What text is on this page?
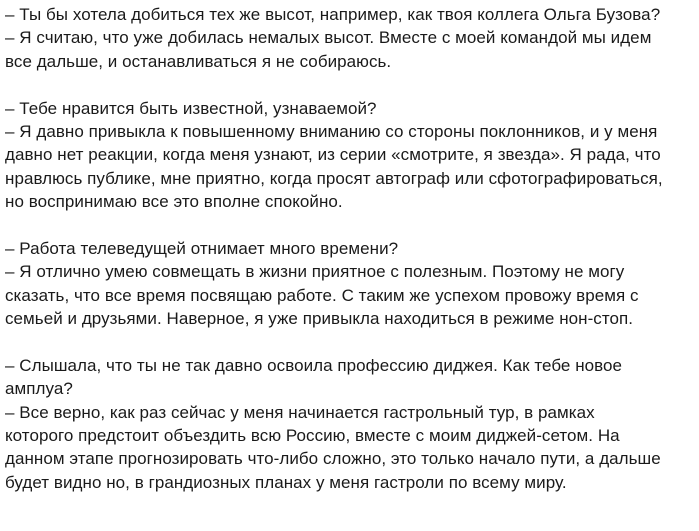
– Ты бы хотела добиться тех же высот, например, как твоя коллега Ольга Бузова?
– Я считаю, что уже добилась немалых высот. Вместе с моей командой мы идем
все дальше, и останавливаться я не собираюсь.
– Тебе нравится быть известной, узнаваемой?
– Я давно привыкла к повышенному вниманию со стороны поклонников, и у меня
давно нет реакции, когда меня узнают, из серии «смотрите, я звезда». Я рада, что
нравлюсь публике, мне приятно, когда просят автограф или сфотографироваться,
но воспринимаю все это вполне спокойно.
– Работа телеведущей отнимает много времени?
– Я отлично умею совмещать в жизни приятное с полезным. Поэтому не могу
сказать, что все время посвящаю работе. С таким же успехом провожу время с
семьей и друзьями. Наверное, я уже привыкла находиться в режиме нон-стоп.
– Слышала, что ты не так давно освоила профессию диджея. Как тебе новое
амплуа?
– Все верно, как раз сейчас у меня начинается гастрольный тур, в рамках
которого предстоит объездить всю Россию, вместе с моим диджей-сетом. На
данном этапе прогнозировать что-либо сложно, это только начало пути, а дальше
будет видно но, в грандиозных планах у меня гастроли по всему миру.
